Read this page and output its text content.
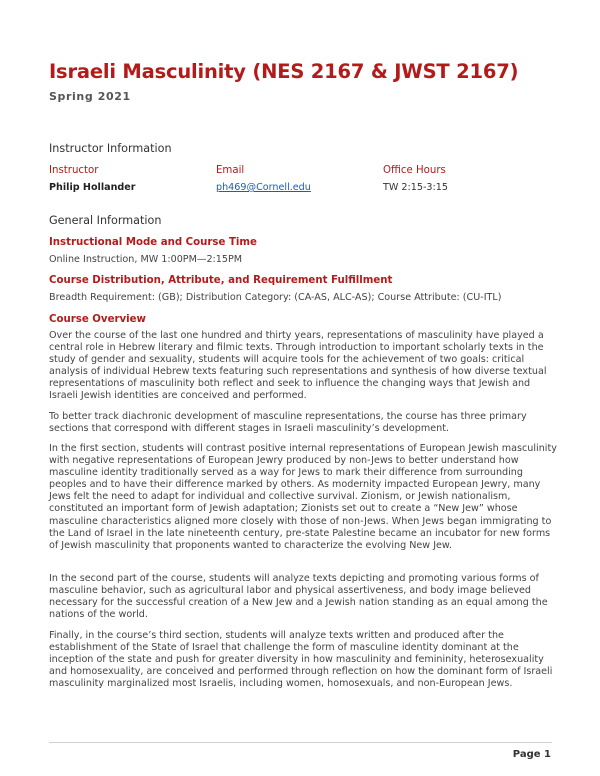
Israeli Masculinity (NES 2167 & JWST 2167)
Spring 2021
Instructor Information
Instructor	Email	Office Hours
Philip Hollander	ph469@Cornell.edu	TW 2:15-3:15
General Information
Instructional Mode and Course Time
Online Instruction, MW 1:00PM—2:15PM
Course Distribution, Attribute, and Requirement Fulfillment
Breadth Requirement: (GB); Distribution Category: (CA-AS, ALC-AS); Course Attribute: (CU-ITL)
Course Overview

Over the course of the last one hundred and thirty years, representations of masculinity have played a central role in Hebrew literary and filmic texts. Through introduction to important scholarly texts in the study of gender and sexuality, students will acquire tools for the achievement of two goals: critical analysis of individual Hebrew texts featuring such representations and synthesis of how diverse textual representations of masculinity both reflect and seek to influence the changing ways that Jewish and Israeli Jewish identities are conceived and performed.

To better track diachronic development of masculine representations, the course has three primary sections that correspond with different stages in Israeli masculinity’s development.

In the first section, students will contrast positive internal representations of European Jewish masculinity with negative representations of European Jewry produced by non-Jews to better understand how masculine identity traditionally served as a way for Jews to mark their difference from surrounding peoples and to have their difference marked by others. As modernity impacted European Jewry, many Jews felt the need to adapt for individual and collective survival. Zionism, or Jewish nationalism, constituted an important form of Jewish adaptation; Zionists set out to create a “New Jew” whose masculine characteristics aligned more closely with those of non-Jews. When Jews began immigrating to the Land of Israel in the late nineteenth century, pre-state Palestine became an incubator for new forms of Jewish masculinity that proponents wanted to characterize the evolving New Jew.

In the second part of the course, students will analyze texts depicting and promoting various forms of masculine behavior, such as agricultural labor and physical assertiveness, and body image believed necessary for the successful creation of a New Jew and a Jewish nation standing as an equal among the nations of the world.

Finally, in the course’s third section, students will analyze texts written and produced after the establishment of the State of Israel that challenge the form of masculine identity dominant at the inception of the state and push for greater diversity in how masculinity and femininity, heterosexuality and homosexuality, are conceived and performed through reflection on how the dominant form of Israeli masculinity marginalized most Israelis, including women, homosexuals, and non-European Jews.

Page 1
